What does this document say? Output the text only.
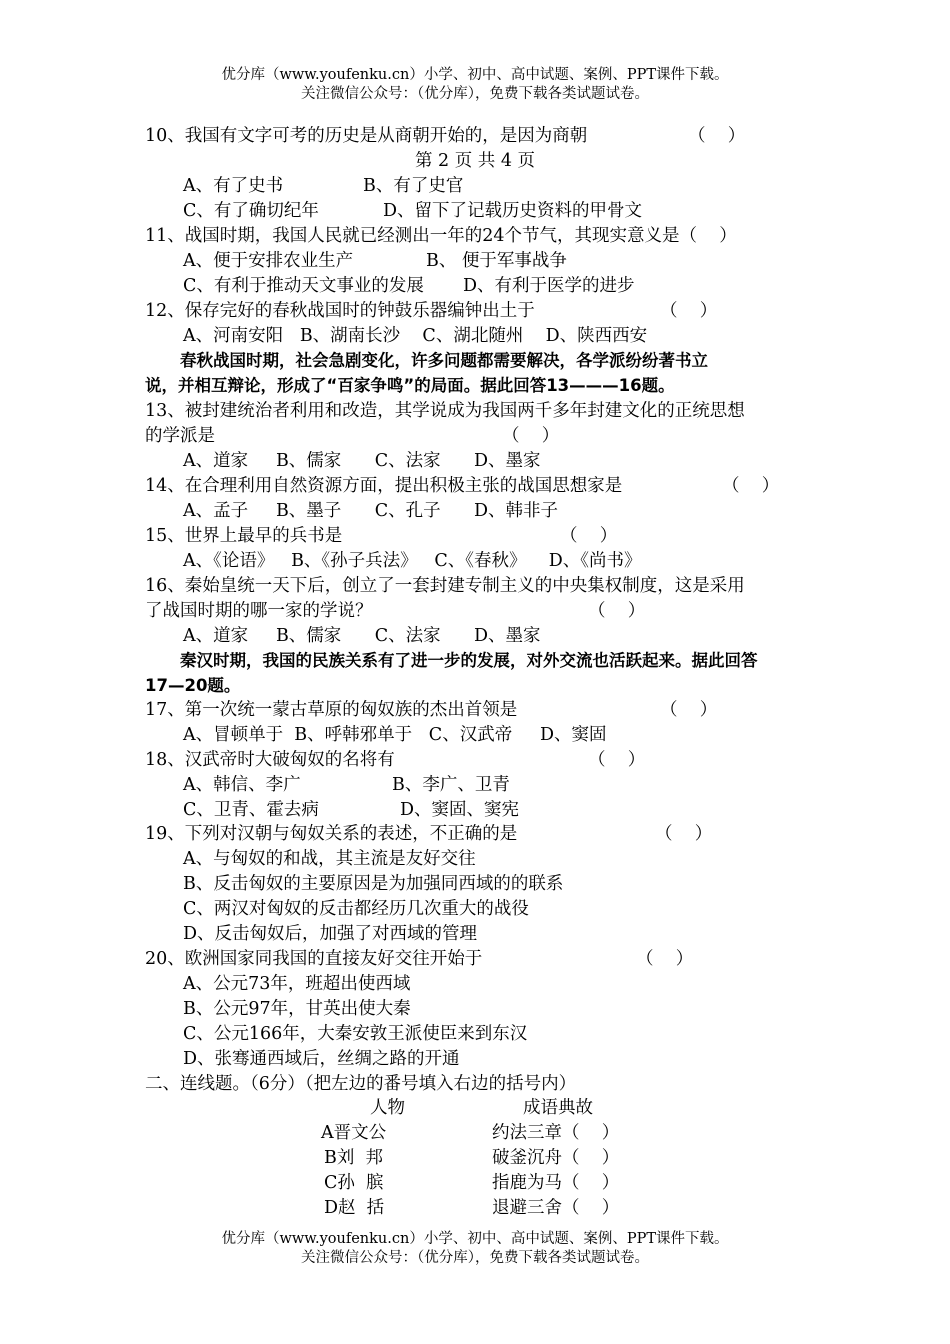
优分库（www.youfenku.cn）小学、初中、高中试题、案例、PPT课件下载。
关注微信公众号：（优分库），免费下载各类试题试卷。
10、我国有文字可考的历史是从商朝开始的，是因为商朝	（    ）
第 2 页 共 4 页
A、有了史书	B、有了史官
C、有了确切纪年	D、留下了记载历史资料的甲骨文
11、战国时期，我国人民就已经测出一年的24个节气，其现实意义是（    ）
A、便于安排农业生产	B、 便于军事战争
C、有利于推动天文事业的发展 D、有利于医学的进步
12、保存完好的春秋战国时的钟鼓乐器编钟出土于	（    ）
A、河南安阳   B、湖南长沙    C、湖北随州    D、陕西西安
春秋战国时期，社会急剧变化，许多问题都需要解决，各学派纷纷著书立
说，并相互辩论，形成了“百家争鸣”的局面。据此回答13———16题。
13、被封建统治者利用和改造，其学说成为我国两千多年封建文化的正统思想
的学派是	（    ）
A、道家     B、儒家      C、法家      D、墨家
14、在合理利用自然资源方面，提出积极主张的战国思想家是	（    ）
A、孟子     B、墨子      C、孔子      D、韩非子
15、世界上最早的兵书是	（    ）
A、《论语》   B、《孙子兵法》   C、《春秋》    D、《尚书》
16、秦始皇统一天下后，创立了一套封建专制主义的中央集权制度，这是采用
了战国时期的哪一家的学说？	（    ）
A、道家     B、儒家      C、法家      D、墨家
秦汉时期，我国的民族关系有了进一步的发展，对外交流也活跃起来。据此回答
17—20题。
17、第一次统一蒙古草原的匈奴族的杰出首领是	（    ）
A、冒顿单于  B、呼韩邪单于   C、汉武帝     D、窦固
18、汉武帝时大破匈奴的名将有	（    ）
A、韩信、李广	B、李广、卫青
C、卫青、霍去病	D、窦固、窦宪
19、下列对汉朝与匈奴关系的表述，不正确的是	（    ）
A、与匈奴的和战，其主流是友好交往
B、反击匈奴的主要原因是为加强同西域的的联系
C、两汉对匈奴的反击都经历几次重大的战役
D、反击匈奴后，加强了对西域的管理
20、欧洲国家同我国的直接友好交往开始于	（    ）
A、公元73年，班超出使西域
B、公元97年，甘英出使大秦
C、公元166年，大秦安敦王派使臣来到东汉
D、张骞通西域后，丝绸之路的开通
二、连线题。（6分）（把左边的番号填入右边的括号内）
人物	成语典故
A晋文公	约法三章（    ）
B刘  邦	破釜沉舟（    ）
C孙  膑	指鹿为马（    ）
D赵  括	退避三舍（    ）
优分库（www.youfenku.cn）小学、初中、高中试题、案例、PPT课件下载。
关注微信公众号：（优分库），免费下载各类试题试卷。
